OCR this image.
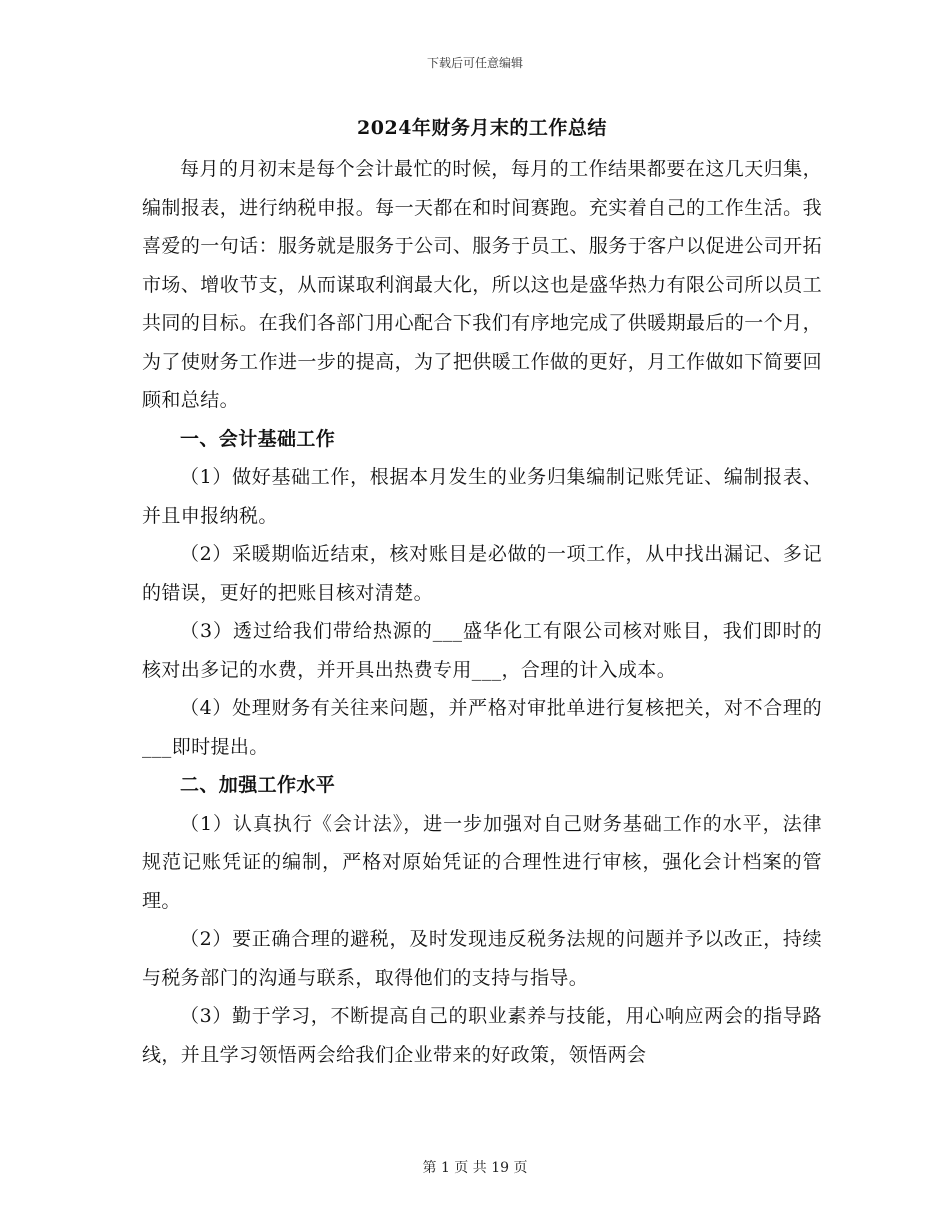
下载后可任意编辑
2024年财务月末的工作总结

每月的月初末是每个会计最忙的时候，每月的工作结果都要在这几天归集，编制报表，进行纳税申报。每一天都在和时间赛跑。充实着自己的工作生活。我喜爱的一句话：服务就是服务于公司、服务于员工、服务于客户以促进公司开拓市场、增收节支，从而谋取利润最大化，所以这也是盛华热力有限公司所以员工共同的目标。在我们各部门用心配合下我们有序地完成了供暖期最后的一个月，为了使财务工作进一步的提高，为了把供暖工作做的更好，月工作做如下简要回顾和总结。

一、会计基础工作

（1）做好基础工作，根据本月发生的业务归集编制记账凭证、编制报表、并且申报纳税。

（2）采暖期临近结束，核对账目是必做的一项工作，从中找出漏记、多记的错误，更好的把账目核对清楚。

（3）透过给我们带给热源的___盛华化工有限公司核对账目，我们即时的核对出多记的水费，并开具出热费专用___，合理的计入成本。

（4）处理财务有关往来问题，并严格对审批单进行复核把关，对不合理的___即时提出。

二、加强工作水平

（1）认真执行《会计法》，进一步加强对自己财务基础工作的水平，法律规范记账凭证的编制，严格对原始凭证的合理性进行审核，强化会计档案的管理。

（2）要正确合理的避税，及时发现违反税务法规的问题并予以改正，持续与税务部门的沟通与联系，取得他们的支持与指导。

（3）勤于学习，不断提高自己的职业素养与技能，用心响应两会的指导路线，并且学习领悟两会给我们企业带来的好政策，领悟两会

第 1 页 共 19 页
